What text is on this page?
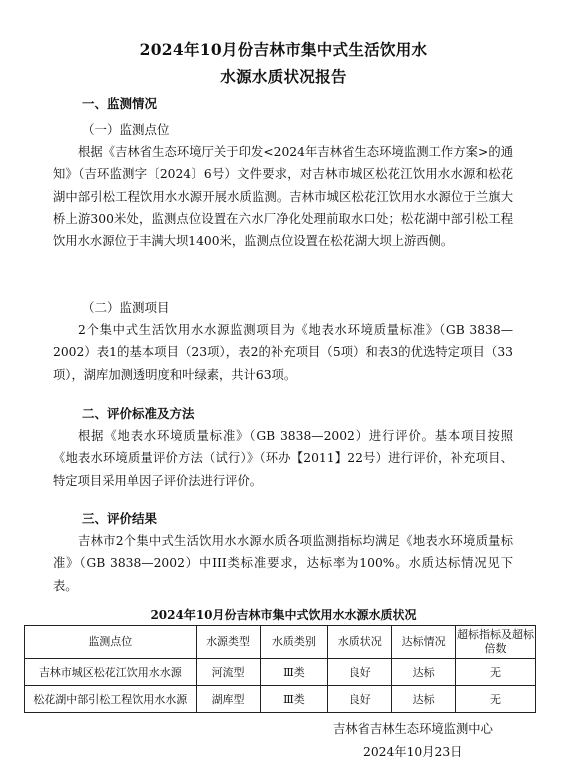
2024年10月份吉林市集中式生活饮用水
水源水质状况报告
一、监测情况
（一）监测点位

根据《吉林省生态环境厅关于印发<2024年吉林省生态环境监测工作方案>的通知》（吉环监测字〔2024〕6号）文件要求，对吉林市城区松花江饮用水水源和松花湖中部引松工程饮用水水源开展水质监测。吉林市城区松花江饮用水水源位于兰旗大桥上游300米处，监测点位设置在六水厂净化处理前取水口处；松花湖中部引松工程饮用水水源位于丰满大坝1400米，监测点位设置在松花湖大坝上游西侧。

（二）监测项目

2个集中式生活饮用水水源监测项目为《地表水环境质量标准》（GB 3838—2002）表1的基本项目（23项），表2的补充项目（5项）和表3的优选特定项目（33项），湖库加测透明度和叶绿素，共计63项。

二、评价标准及方法

根据《地表水环境质量标准》（GB 3838—2002）进行评价。基本项目按照《地表水环境质量评价方法（试行）》（环办【2011】22号）进行评价，补充项目、特定项目采用单因子评价法进行评价。

三、评价结果

吉林市2个集中式生活饮用水水源水质各项监测指标均满足《地表水环境质量标准》（GB 3838—2002）中III类标准要求，达标率为100%。水质达标情况见下表。

2024年10月份吉林市集中式饮用水水源水质状况
监测点位	水源类型	水质类别	水质状况	达标情况	超标指标及超标倍数
吉林市城区松花江饮用水水源	河流型	Ⅲ类	良好	达标	无
松花湖中部引松工程饮用水水源	湖库型	Ⅲ类	良好	达标	无
吉林省吉林生态环境监测中心
2024年10月23日
